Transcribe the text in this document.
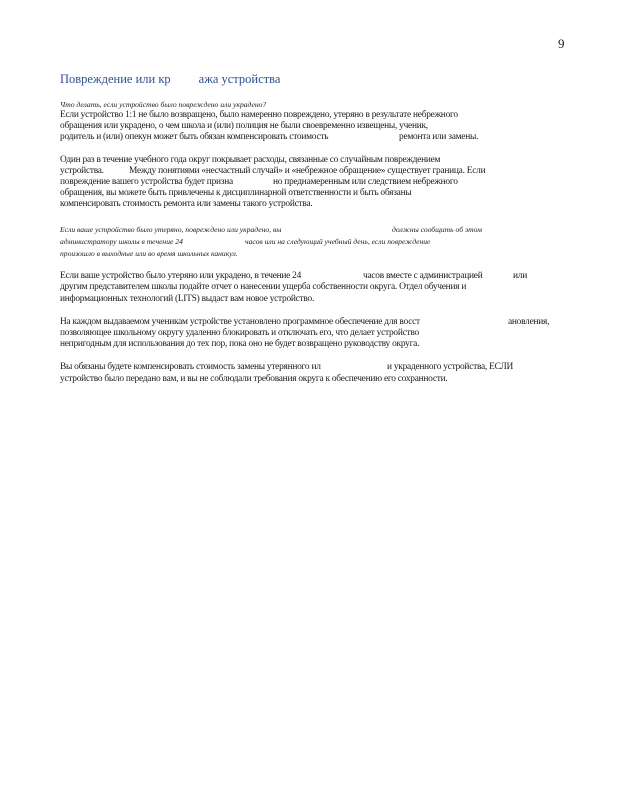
9
Повреждение или кр ажа устройства
Что делать, если устройство было повреждено или украдено?
Если устройство 1:1 не было возвращено, было намеренно повреждено, утеряно в результате небрежного
обращения или украдено, о чем школа и (или) полиция не были своевременно извещены, ученик,
родитель и (или) опекун может быть обязан компенсировать стоимость	ремонта или замены.
Один раз в течение учебного года округ покрывает расходы, связанные со случайным повреждением
устройства.	Между понятиями «несчастный случай» и «небрежное обращение» существует граница. Если
повреждение вашего устройства будет призна	но преднамеренным или следствием небрежного
обращения, вы можете быть привлечены к дисциплинарной ответственности и быть обязаны
компенсировать стоимость ремонта или замены такого устройства.
Если ваше устройство было утеряно, повреждено или украдено, вы	должны сообщить об этом
администратору школы в течение 24	часов или на следующий учебный день, если повреждение
произошло в выходные или во время школьных каникул.
Если ваше устройство было утеряно или украдено, в течение 24	часов вместе с администрацией	или
другим представителем школы подайте отчет о нанесении ущерба собственности округа. Отдел обучения и
информационных технологий (LITS) выдаст вам новое устройство.
На каждом выдаваемом ученикам устройстве установлено программное обеспечение для восст	ановления,
позволяющее школьному округу удаленно блокировать и отключать его, что делает устройство
непригодным для использования до тех пор, пока оно не будет возвращено руководству округа.
Вы обязаны будете компенсировать стоимость замены утерянного ил	и украденного устройства, ЕСЛИ
устройство было передано вам, и вы не соблюдали требования округа к обеспечению его сохранности.
